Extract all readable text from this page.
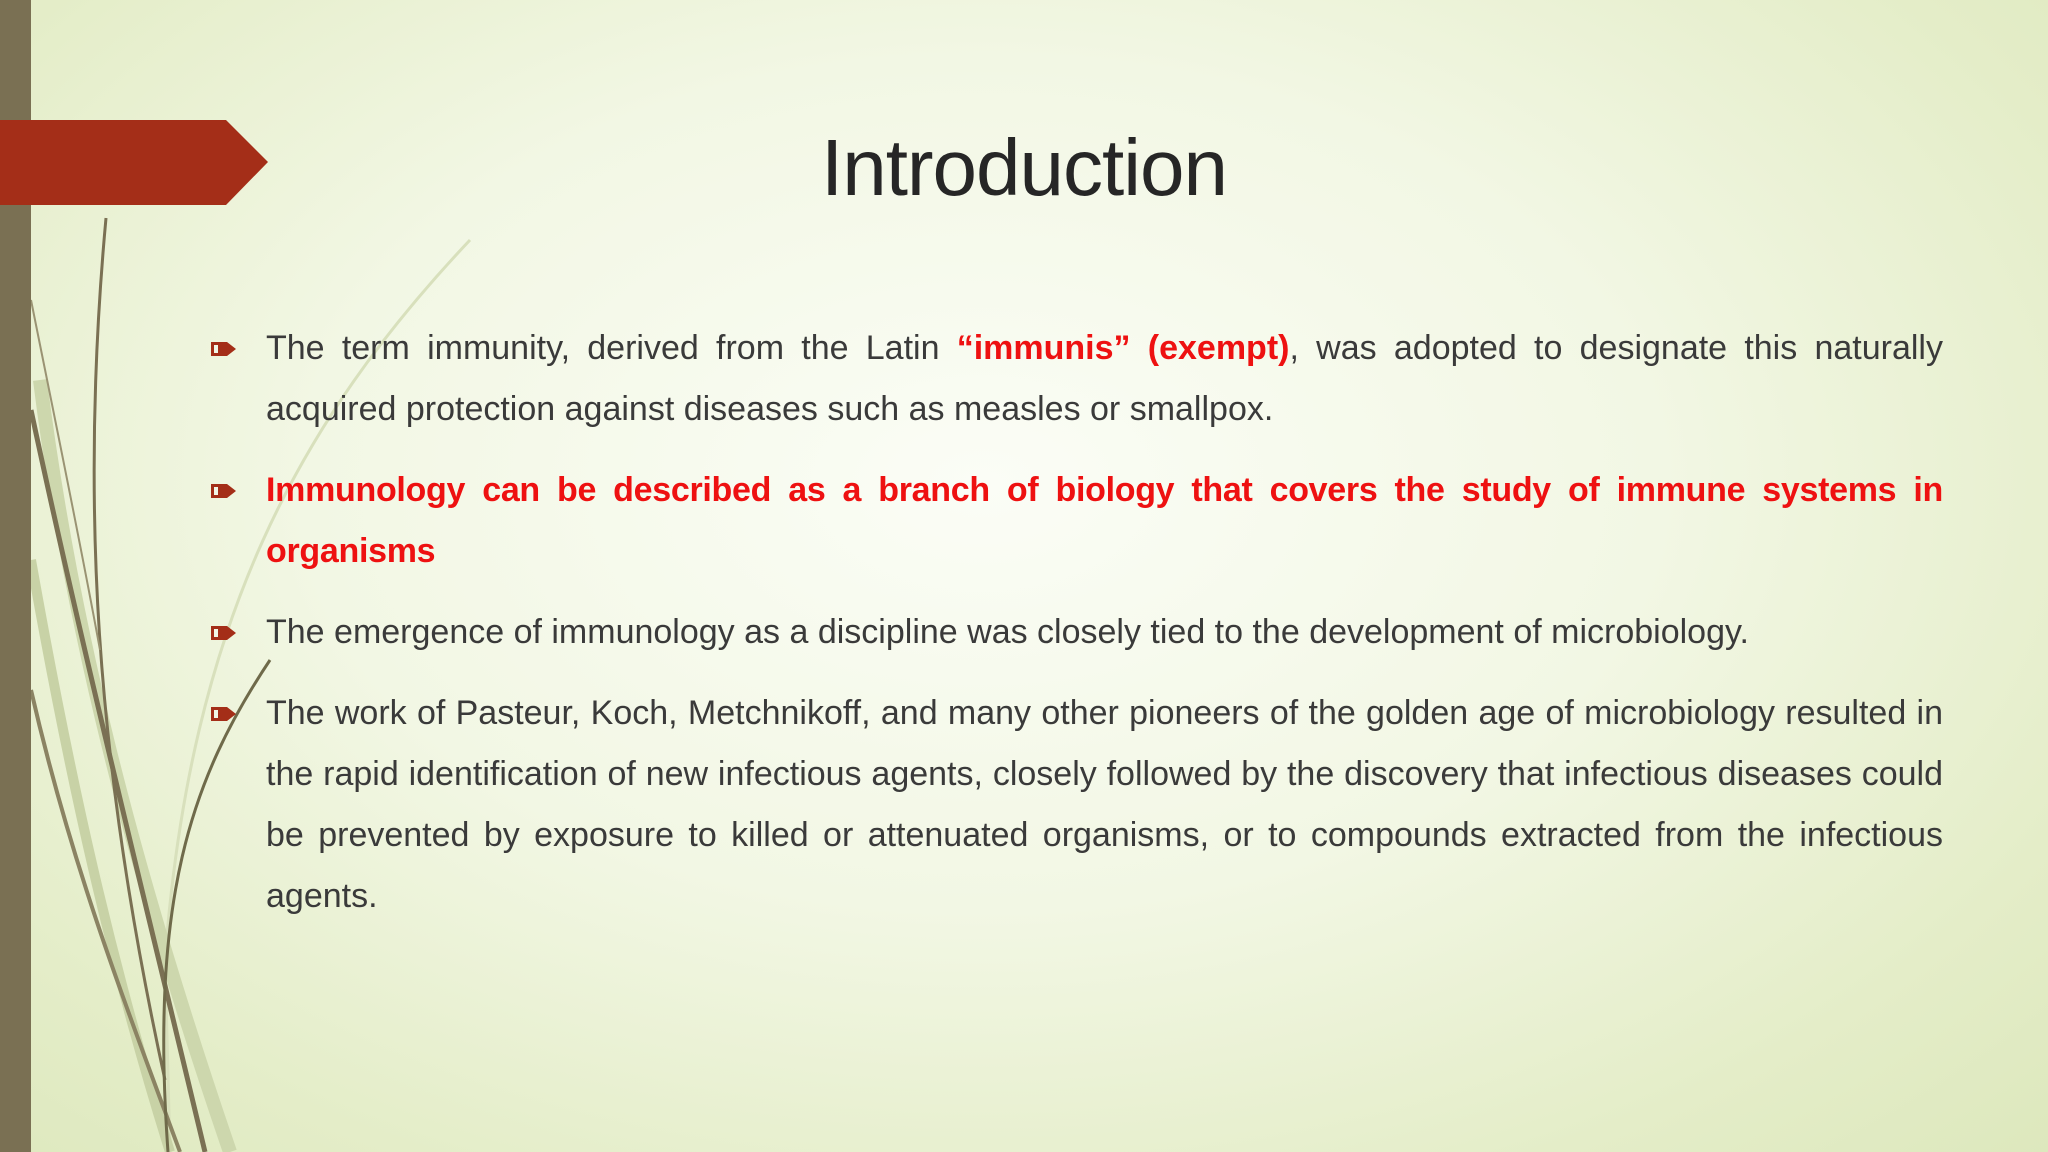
Introduction
The term immunity, derived from the Latin “immunis” (exempt), was adopted to designate this naturally acquired protection against diseases such as measles or smallpox.
Immunology can be described as a branch of biology that covers the study of immune systems in organisms
The emergence of immunology as a discipline was closely tied to the development of microbiology.
The work of Pasteur, Koch, Metchnikoff, and many other pioneers of the golden age of microbiology resulted in the rapid identification of new infectious agents, closely followed by the discovery that infectious diseases could be prevented by exposure to killed or attenuated organisms, or to compounds extracted from the infectious agents.
